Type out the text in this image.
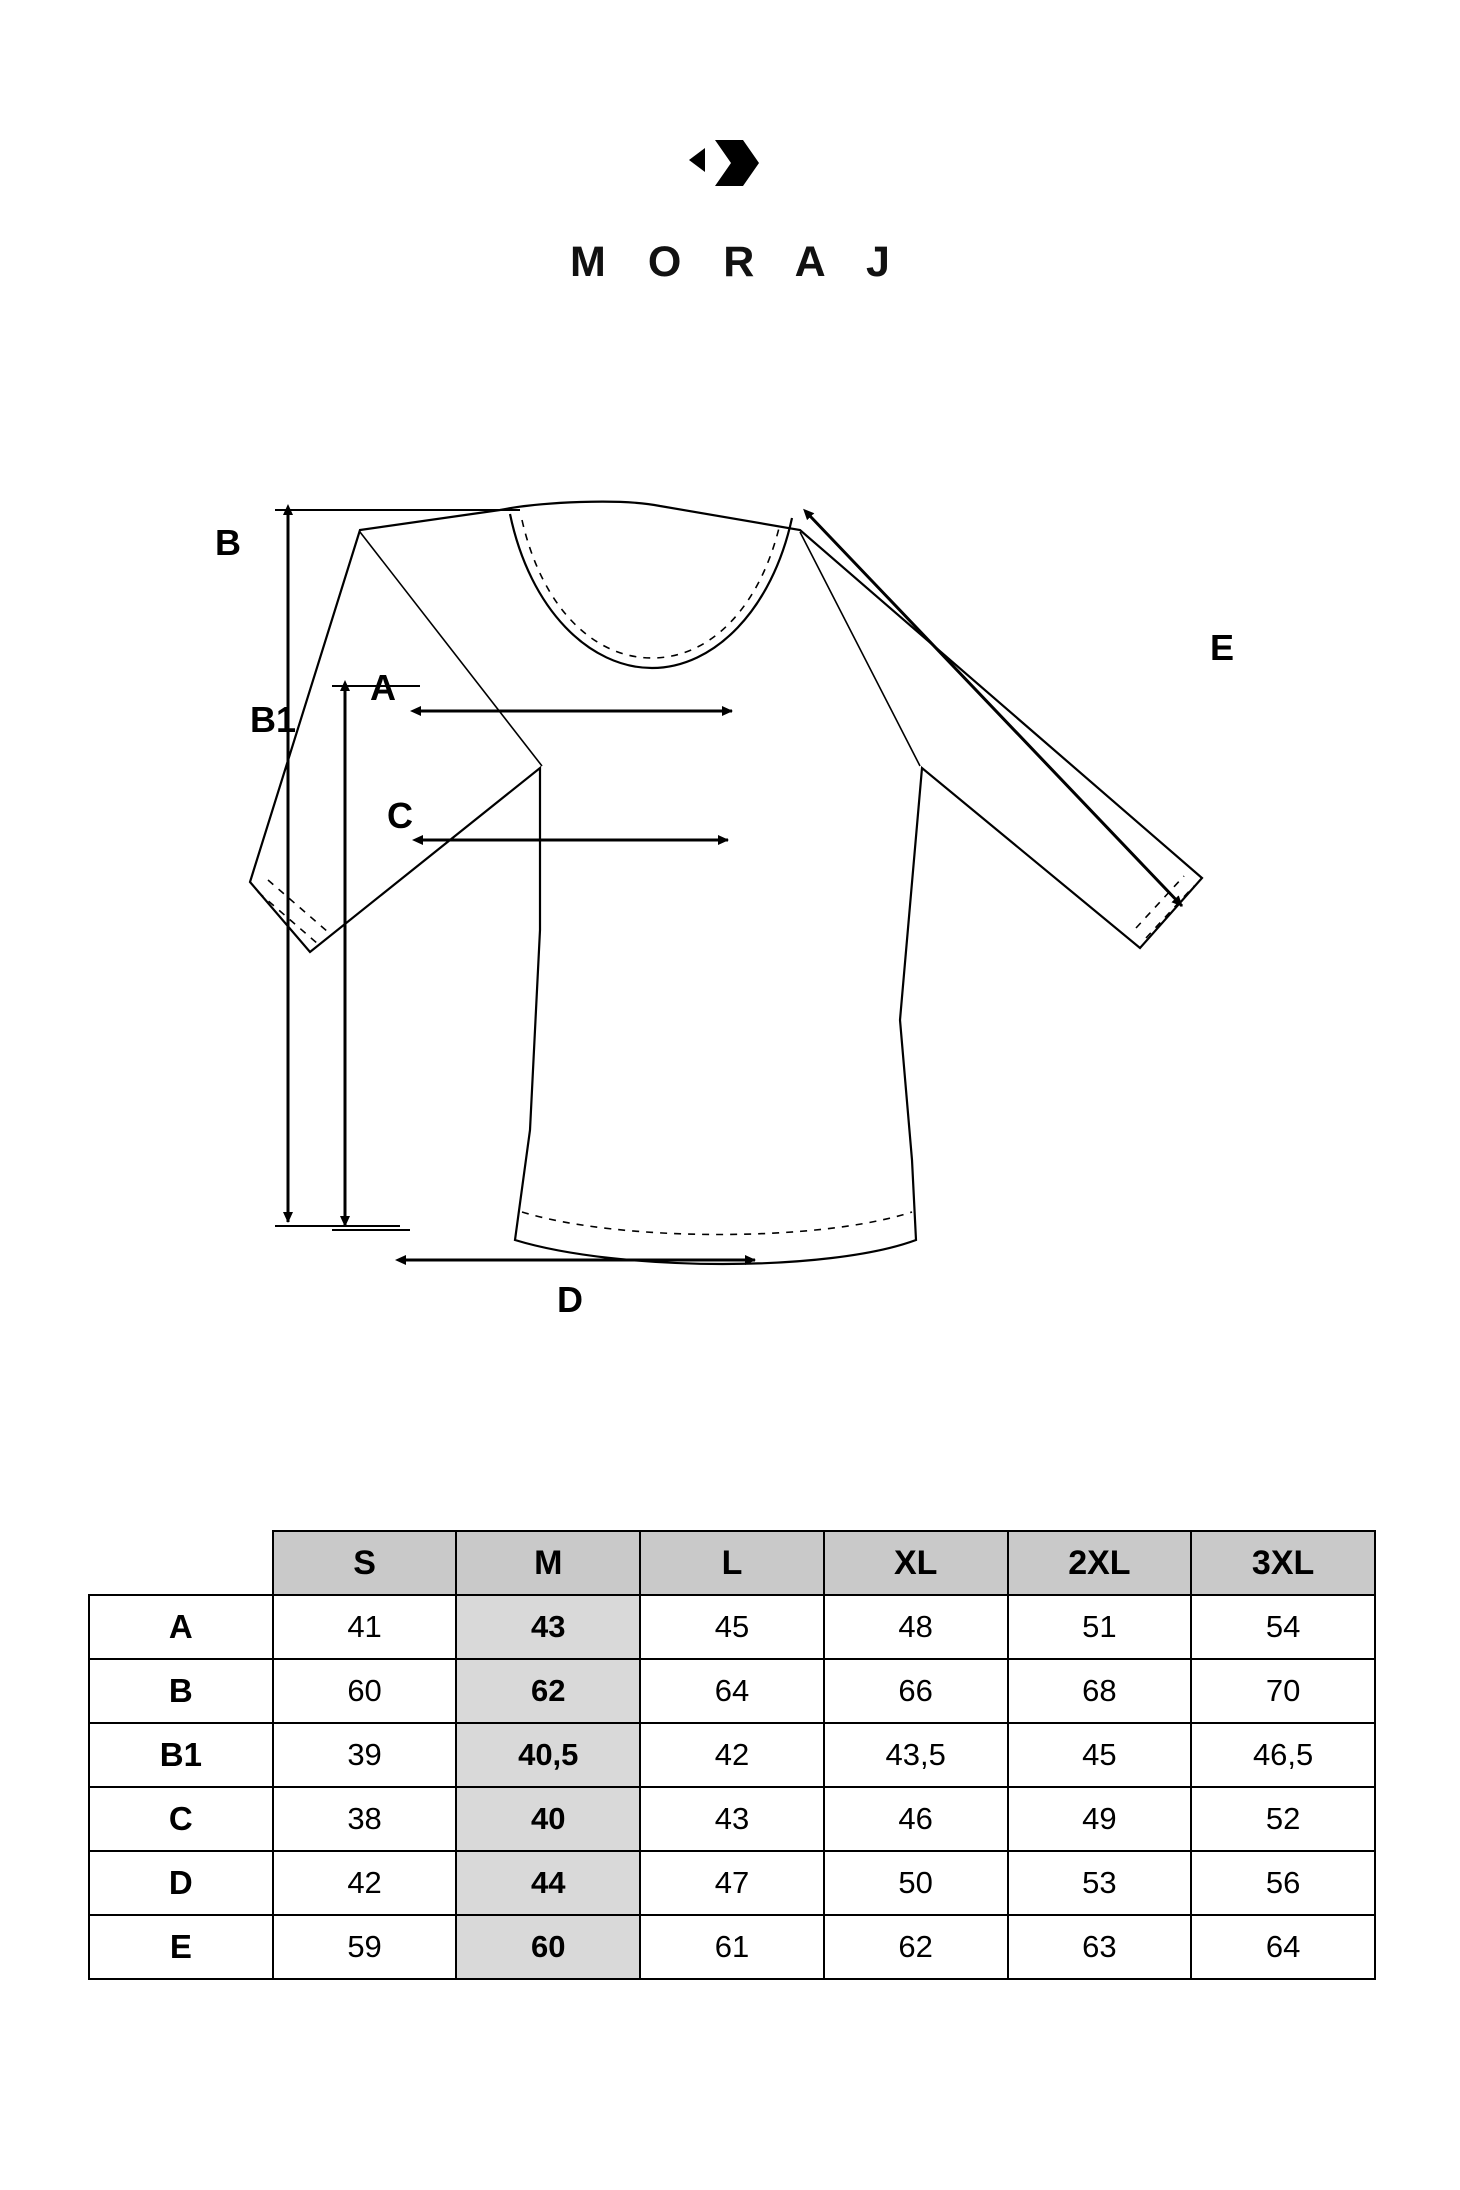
M O R A J
B
B1
A
C
D
E
	S	M	L	XL	2XL	3XL
A	41	43	45	48	51	54
B	60	62	64	66	68	70
B1	39	40,5	42	43,5	45	46,5
C	38	40	43	46	49	52
D	42	44	47	50	53	56
E	59	60	61	62	63	64
